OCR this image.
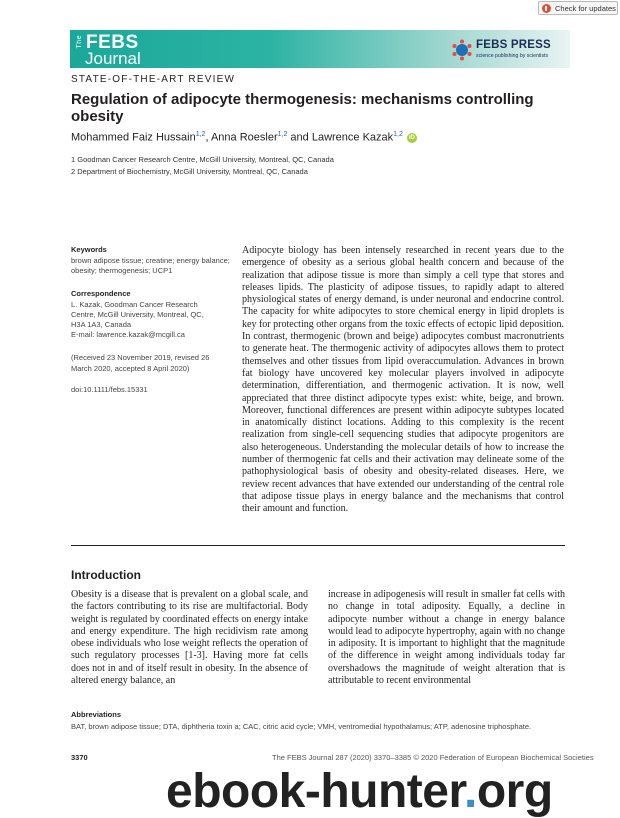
Check for updates
The FEBS
Journal
FEBS PRESS
science publishing by scientists
STATE-OF-THE-ART REVIEW
Regulation of adipocyte thermogenesis: mechanisms controlling obesity
Mohammed Faiz Hussain$^{1,2}$, Anna Roesler$^{1,2}$ and Lawrence Kazak$^{1,2}$ iD
1 Goodman Cancer Research Centre, McGill University, Montreal, QC, Canada
2 Department of Biochemistry, McGill University, Montreal, QC, Canada
Keywords
brown adipose tissue; creatine; energy balance; obesity; thermogenesis; UCP1
Correspondence
L. Kazak, Goodman Cancer Research
Centre, McGill University, Montreal, QC,
H3A 1A3, Canada
E-mail: lawrence.kazak@mcgill.ca
(Received 23 November 2019, revised 26
March 2020, accepted 8 April 2020)
doi:10.1111/febs.15331
Adipocyte biology has been intensely researched in recent years due to the emergence of obesity as a serious global health concern and because of the realization that adipose tissue is more than simply a cell type that stores and releases lipids. The plasticity of adipose tissues, to rapidly adapt to altered physiological states of energy demand, is under neuronal and endocrine control. The capacity for white adipocytes to store chemical energy in lipid droplets is key for protecting other organs from the toxic effects of ectopic lipid deposition. In contrast, thermogenic (brown and beige) adipocytes combust macronutrients to generate heat. The thermogenic activity of adipocytes allows them to protect themselves and other tissues from lipid overaccumulation. Advances in brown fat biology have uncovered key molecular players involved in adipocyte determination, differentiation, and thermogenic activation. It is now, well appreciated that three distinct adipocyte types exist: white, beige, and brown. Moreover, functional differences are present within adipocyte subtypes located in anatomically distinct locations. Adding to this complexity is the recent realization from single-cell sequencing studies that adipocyte progenitors are also heterogeneous. Understanding the molecular details of how to increase the number of thermogenic fat cells and their activation may delineate some of the pathophysiological basis of obesity and obesity-related diseases. Here, we review recent advances that have extended our understanding of the central role that adipose tissue plays in energy balance and the mechanisms that control their amount and function.
Introduction
Obesity is a disease that is prevalent on a global scale, and the factors contributing to its rise are multifactorial. Body weight is regulated by coordinated effects on energy intake and energy expenditure. The high recidivism rate among obese individuals who lose weight reflects the operation of such regulatory processes [1-3]. Having more fat cells does not in and of itself result in obesity. In the absence of altered energy balance, an
increase in adipogenesis will result in smaller fat cells with no change in total adiposity. Equally, a decline in adipocyte number without a change in energy balance would lead to adipocyte hypertrophy, again with no change in adiposity. It is important to highlight that the magnitude of the difference in weight among individuals today far overshadows the magnitude of weight alteration that is attributable to recent environmental
Abbreviations
BAT, brown adipose tissue; DTA, diphtheria toxin a; CAC, citric acid cycle; VMH, ventromedial hypothalamus; ATP, adenosine triphosphate.
3370	The FEBS Journal 287 (2020) 3370–3385 © 2020 Federation of European Biochemical Societies
ebook-hunter.org
